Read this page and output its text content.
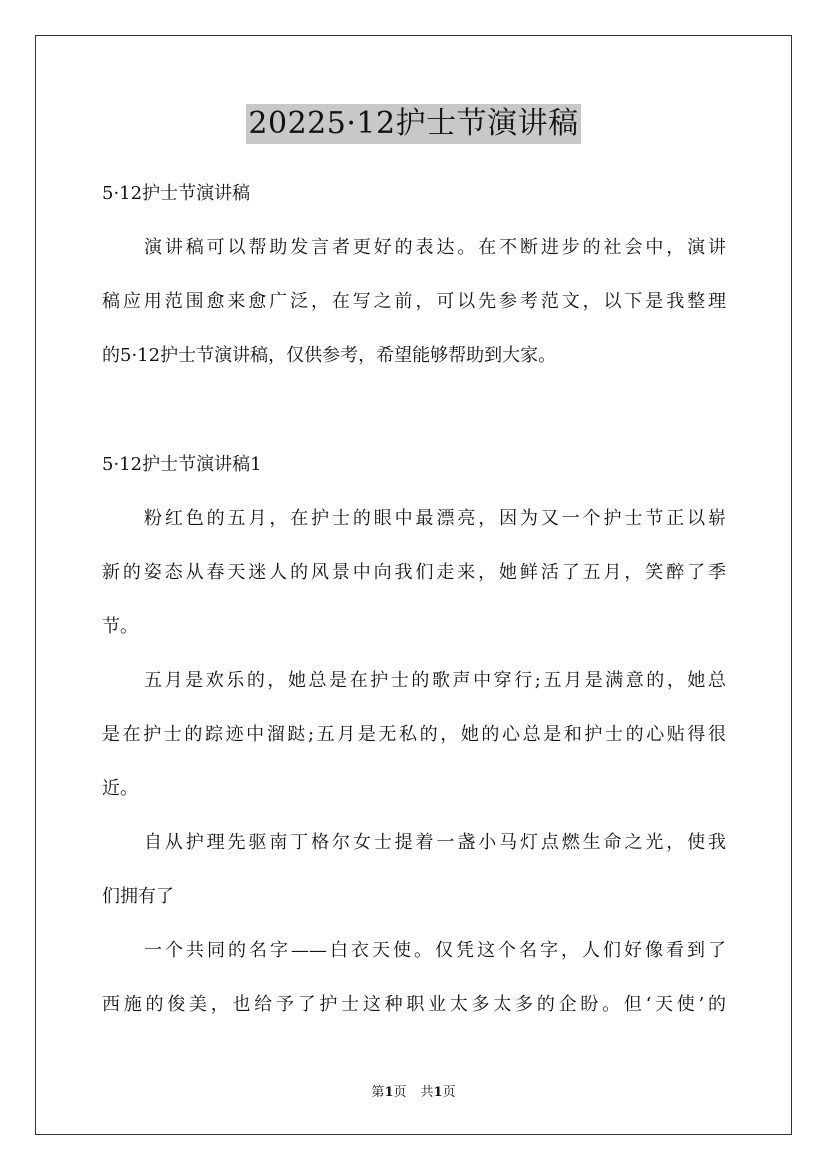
20225·12护士节演讲稿

5·12护士节演讲稿

演讲稿可以帮助发言者更好的表达。在不断进步的社会中，演讲

稿应用范围愈来愈广泛，在写之前，可以先参考范文，以下是我整理

的5·12护士节演讲稿，仅供参考，希望能够帮助到大家。

5·12护士节演讲稿1

粉红色的五月，在护士的眼中最漂亮，因为又一个护士节正以崭

新的姿态从春天迷人的风景中向我们走来，她鲜活了五月，笑醉了季

节。

五月是欢乐的，她总是在护士的歌声中穿行;五月是满意的，她总

是在护士的踪迹中溜跶;五月是无私的，她的心总是和护士的心贴得很

近。

自从护理先驱南丁格尔女士提着一盏小马灯点燃生命之光，使我

们拥有了

一个共同的名字——白衣天使。仅凭这个名字，人们好像看到了

西施的俊美，也给予了护士这种职业太多太多的企盼。但‘天使’的

第1页 共1页
